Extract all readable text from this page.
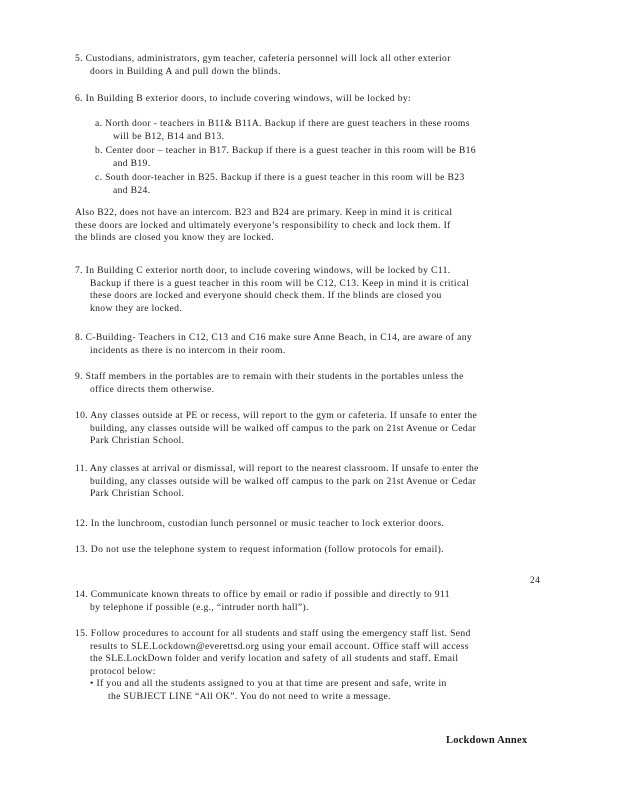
5. Custodians, administrators, gym teacher, cafeteria personnel will lock all other exterior
doors in Building A and pull down the blinds.
6. In Building B exterior doors, to include covering windows, will be locked by:
a. North door - teachers in B11& B11A. Backup if there are guest teachers in these rooms
will be B12, B14 and B13.
b. Center door – teacher in B17. Backup if there is a guest teacher in this room will be B16
and B19.
c. South door-teacher in B25. Backup if there is a guest teacher in this room will be B23
and B24.
Also B22, does not have an intercom. B23 and B24 are primary. Keep in mind it is critical
these doors are locked and ultimately everyone’s responsibility to check and lock them. If
the blinds are closed you know they are locked.
7. In Building C exterior north door, to include covering windows, will be locked by C11.
Backup if there is a guest teacher in this room will be C12, C13. Keep in mind it is critical
these doors are locked and everyone should check them. If the blinds are closed you
know they are locked.
8. C-Building- Teachers in C12, C13 and C16 make sure Anne Beach, in C14, are aware of any
incidents as there is no intercom in their room.
9. Staff members in the portables are to remain with their students in the portables unless the
office directs them otherwise.
10. Any classes outside at PE or recess, will report to the gym or cafeteria. If unsafe to enter the
building, any classes outside will be walked off campus to the park on 21st Avenue or Cedar
Park Christian School.
11. Any classes at arrival or dismissal, will report to the nearest classroom. If unsafe to enter the
building, any classes outside will be walked off campus to the park on 21st Avenue or Cedar
Park Christian School.
12. In the lunchroom, custodian lunch personnel or music teacher to lock exterior doors.
13. Do not use the telephone system to request information (follow protocols for email).
24
14. Communicate known threats to office by email or radio if possible and directly to 911
by telephone if possible (e.g., “intruder north hall”).
15. Follow procedures to account for all students and staff using the emergency staff list. Send
results to SLE.Lockdown@everettsd.org using your email account. Office staff will access
the SLE.LockDown folder and verify location and safety of all students and staff. Email
protocol below:
• If you and all the students assigned to you at that time are present and safe, write in
the SUBJECT LINE “All OK”. You do not need to write a message.
Lockdown Annex
